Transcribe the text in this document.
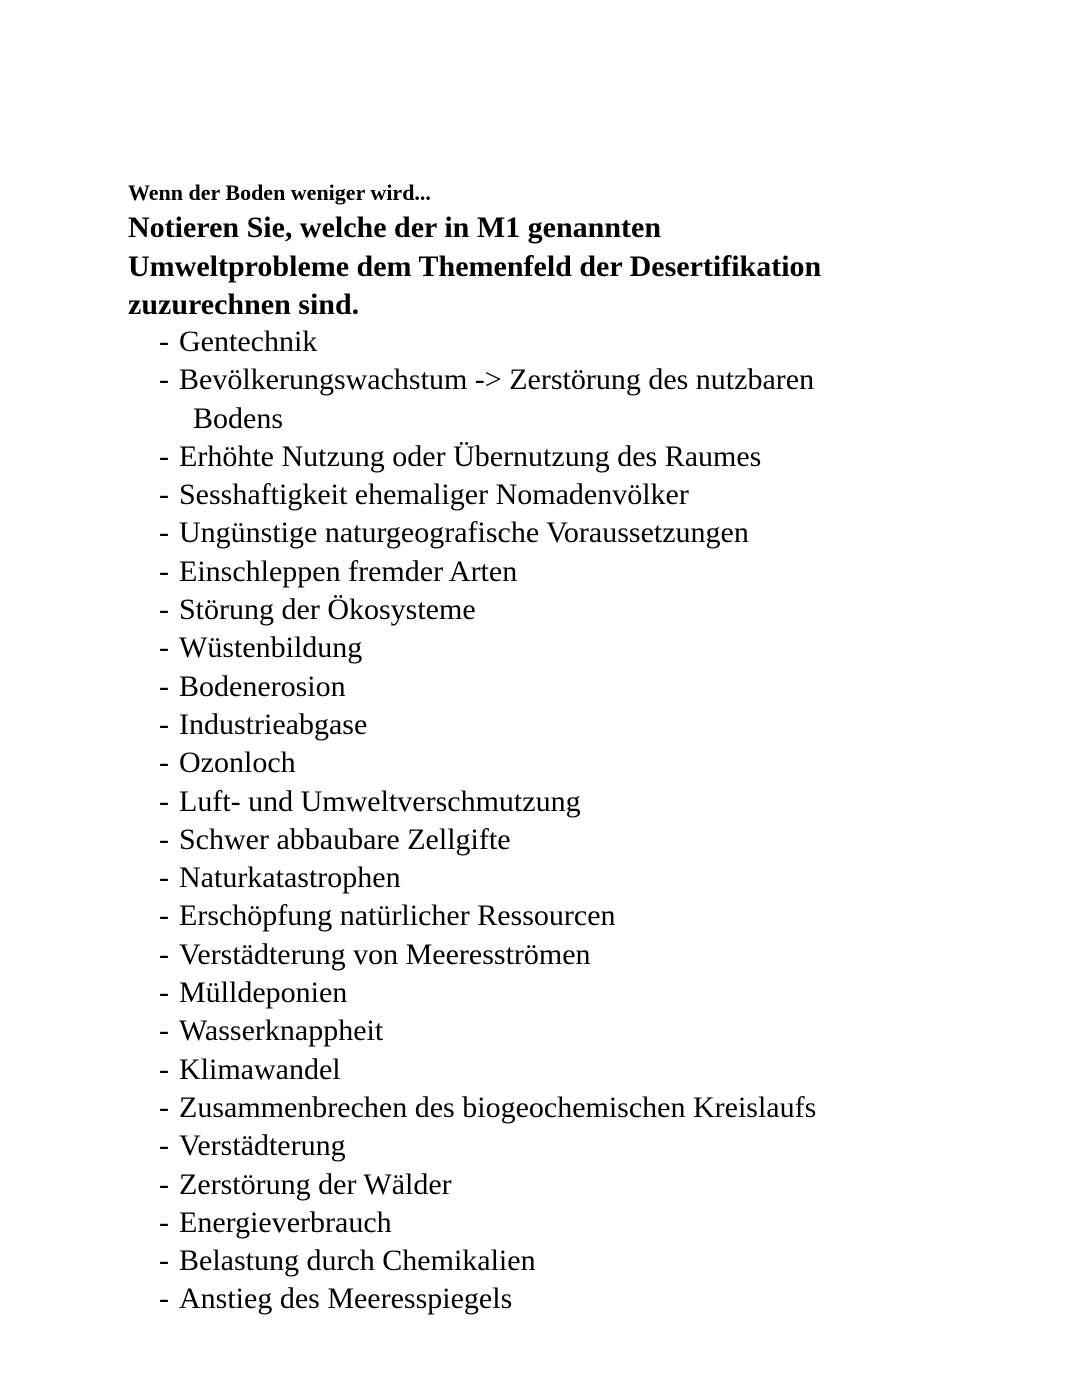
Wenn der Boden weniger wird...
Notieren Sie, welche der in M1 genannten
Umweltprobleme dem Themenfeld der Desertifikation
zuzurechnen sind.
- Gentechnik
- Bevölkerungswachstum -> Zerstörung des nutzbaren
Bodens
- Erhöhte Nutzung oder Übernutzung des Raumes
- Sesshaftigkeit ehemaliger Nomadenvölker
- Ungünstige naturgeografische Voraussetzungen
- Einschleppen fremder Arten
- Störung der Ökosysteme
- Wüstenbildung
- Bodenerosion
- Industrieabgase
- Ozonloch
- Luft- und Umweltverschmutzung
- Schwer abbaubare Zellgifte
- Naturkatastrophen
- Erschöpfung natürlicher Ressourcen
- Verstädterung von Meeresströmen
- Mülldeponien
- Wasserknappheit
- Klimawandel
- Zusammenbrechen des biogeochemischen Kreislaufs
- Verstädterung
- Zerstörung der Wälder
- Energieverbrauch
- Belastung durch Chemikalien
- Anstieg des Meeresspiegels
